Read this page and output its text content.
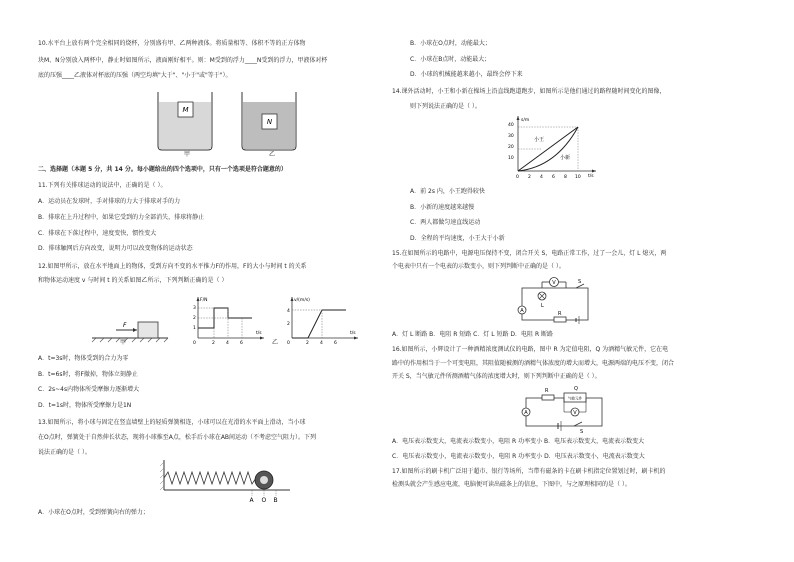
10.水平台上放有两个完全相同的烧杯，分别盛有甲、乙两种液体。将质量相等、体积不等的正方体物
块M、N分别放入两杯中，静止时如图所示，液面刚好相平。则：M受到的浮力____N受到的浮力，甲液体对杯
底的压强____乙液体对杯底的压强（两空均填"大于"、"小于"或"等于"）。
M
N
甲	乙
二、选择题（本题 5 分，共 14 分。每小题给出的四个选项中，只有一个选项是符合题意的）
11.下列有关排球运动的说法中，正确的是（ ）。
A．运动员在发球时，手对排球的力大于排球对手的力
B．排球在上升过程中，如果它受到的力全部消失，排球将静止
C．排球在下落过程中，速度变快，惯性变大
D．排球触网后方向改变，说明力可以改变物体的运动状态
12.如图甲所示，放在水平地面上的物体，受到方向不变的水平推力F的作用，F的大小与时间 t 的关系
和物体运动速度 v 与时间 t 的关系如图乙所示，下列判断正确的是（ ）
F
甲
F/N
t/s
3
2
1
0	2 4 6
v/(m/s)
t/s
4
2
0	2 4 6
乙
A．t=3s时，物体受到的合力为零
B．t=6s时，将F撤掉，物体立刻静止
C．2s~4s内物体所受摩擦力逐渐增大
D．t=1s时，物体所受摩擦力是1N
13.如图所示，将小球与固定在竖直墙壁上的轻质弹簧相连，小球可以在光滑的水平面上滑动，当小球
在O点时，弹簧处于自然伸长状态，现将小球推至A点，松手后小球在AB间运动（不考虑空气阻力）。下列
说法正确的是（ ）。
A O B
A．小球在O点时，受到弹簧向右的弹力；
B．小球在O点时，动能最大；
C．小球在B点时，动能最大；
D．小球的机械能越来越小，最终会停下来
14.课外活动时，小王和小新在操场上沿直线跑道跑步，如图所示是他们通过的路程随时间变化的图像，
则下列说法正确的是（ ）。
s/m
t/s
40
30
20
10
0 2 4 6 8 10
小王
小新
A．前 2s 内，小王跑得较快
B．小新的速度越来越慢
C．两人都做匀速直线运动
D．全程的平均速度，小王大于小新
15.在如图所示的电路中，电源电压保持不变，闭合开关 S，电路正常工作，过了一会儿，灯 L 熄灭，两
个电表中只有一个电表的示数变小，则下列判断中正确的是（ ）。
V
L
R
A
S
A．灯 L 断路 B．电阻 R 短路 C．灯 L 短路 D．电阻 R 断路
16.如图所示，小辉设计了一种酒精浓度测试仪的电路，图中 R 为定值电阻，Q 为酒精气敏元件，它在电
路中的作用相当于一个可变电阻，其阻值随被测的酒精气体浓度的增大而增大，电源两端的电压不变，闭合
开关 S，当气敏元件所测酒精气体的浓度增大时，则下列判断中正确的是（ ）。
Q
气敏元件
R
V
A
S
A．电压表示数变大，电流表示数变小，电阻 R 功率变小 B．电压表示数变大，电流表示数变大
C．电压表示数变小，电流表示数变小，电阻 R 功率变小 D．电压表示数变小，电流表示数变大
17.如图所示的刷卡机广泛用于超市、银行等场所，当带有磁条的卡在刷卡机指定位置划过时，刷卡机的
检测头就会产生感应电流，电脑便可读出磁条上的信息，下图中，与之原理相同的是（ ）。
